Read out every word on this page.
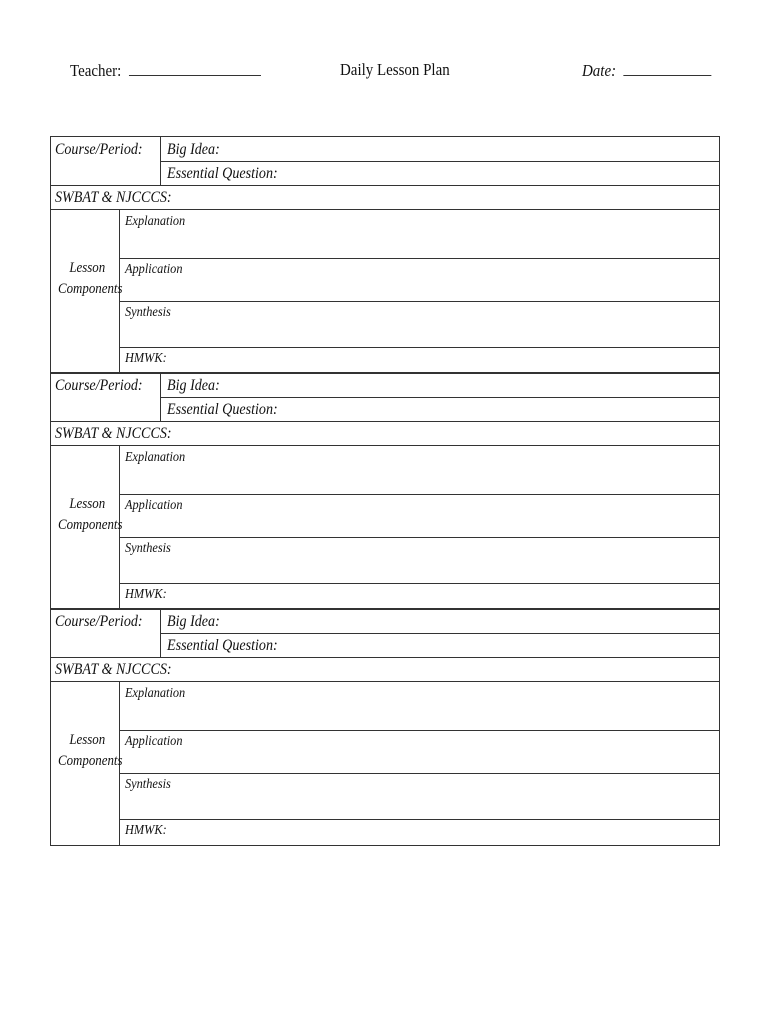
Teacher:	Daily Lesson Plan	Date:
Course/Period: Big Idea:
Essential Question:
SWBAT & NJCCCS:
Lesson
Components
Explanation
Application
Synthesis
HMWK:
Course/Period: Big Idea:
Essential Question:
SWBAT & NJCCCS:
Lesson
Components
Explanation
Application
Synthesis
HMWK:
Course/Period: Big Idea:
Essential Question:
SWBAT & NJCCCS:
Lesson
Components
Explanation
Application
Synthesis
HMWK:
